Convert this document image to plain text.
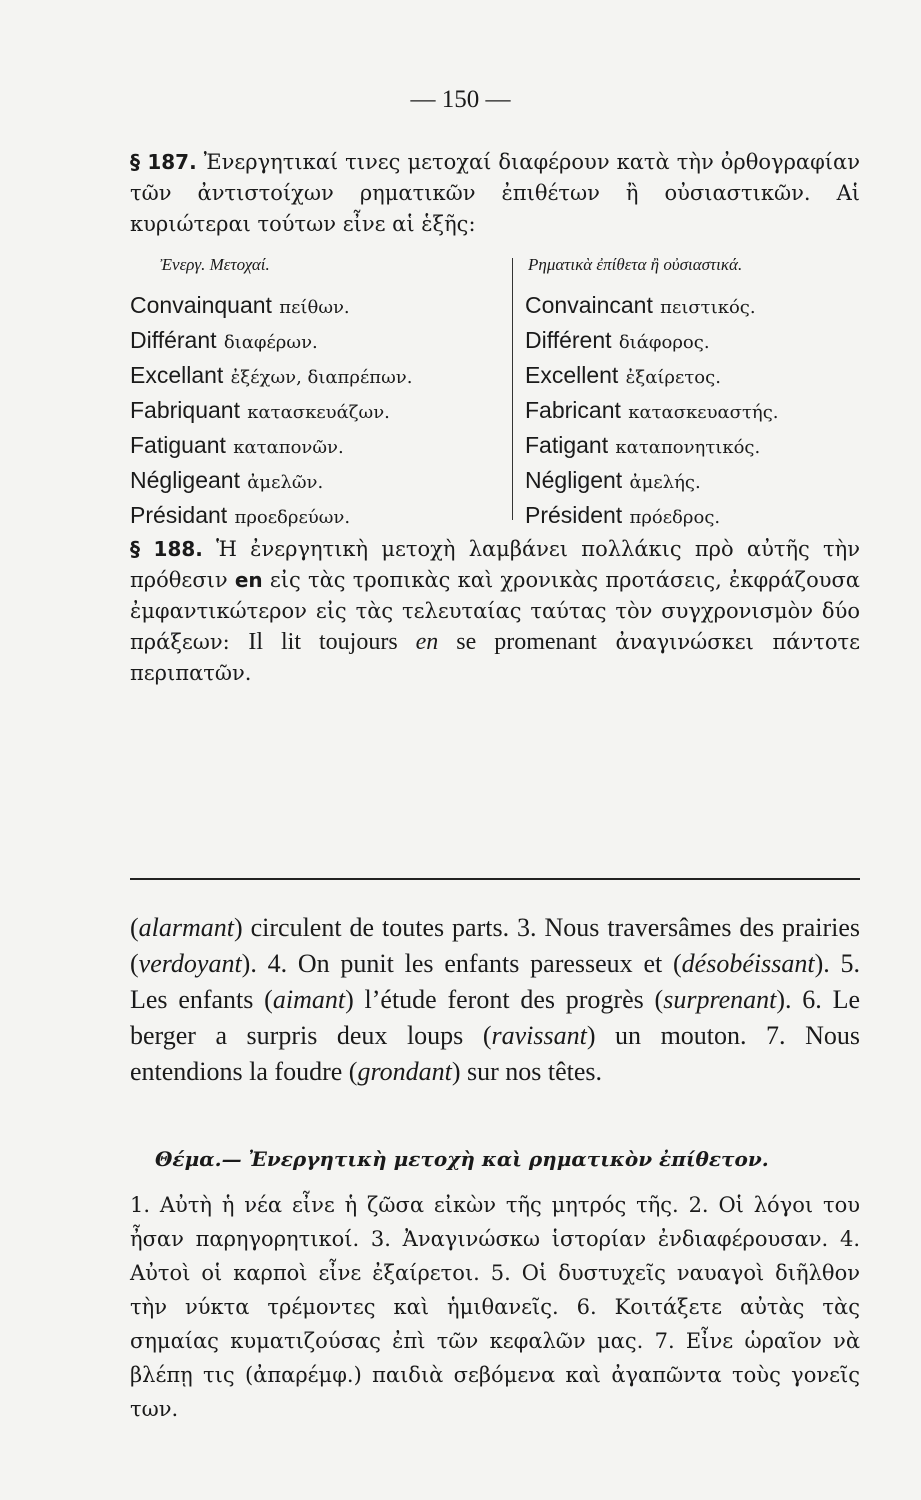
— 150 —
§ 187. Ἐνεργητικαί τινες μετοχαί διαφέρουν κατὰ τὴν ὀρθογραφίαν τῶν ἀντιστοίχων ρηματικῶν ἐπιθέτων ἢ οὐσιαστικῶν. Αἱ κυριώτεραι τούτων εἶνε αἱ ἑξῆς:
Ἐνεργ. Μετοχαί.	Ρηματικὰ ἐπίθετα ἢ οὐσιαστικά.
Convainquant πείθων.
Différant διαφέρων.
Excellant ἐξέχων, διαπρέπων.
Fabriquant κατασκευάζων.
Fatiguant καταπονῶν.
Négligeant ἀμελῶν.
Présidant προεδρεύων.
Convaincant πειστικός.
Différent διάφορος.
Excellent ἐξαίρετος.
Fabricant κατασκευαστής.
Fatigant καταπονητικός.
Négligent ἀμελής.
Président πρόεδρος.
§ 188. Ἡ ἐνεργητικὴ μετοχὴ λαμβάνει πολλάκις πρὸ αὐτῆς τὴν πρόθεσιν en εἰς τὰς τροπικὰς καὶ χρονικὰς προτάσεις, ἐκφράζουσα ἐμφαντικώτερον εἰς τὰς τελευταίας ταύτας τὸν συγχρονισμὸν δύο πράξεων: Il lit toujours en se promenant ἀναγινώσκει πάντοτε περιπατῶν.
(alarmant) circulent de toutes parts. 3. Nous traversâmes des prairies (verdoyant). 4. On punit les enfants paresseux et (désobéissant). 5. Les enfants (aimant) l’étude feront des progrès (surprenant). 6. Le berger a surpris deux loups (ravissant) un mouton. 7. Nous entendions la foudre (grondant) sur nos têtes.
Θέμα.— Ἐνεργητικὴ μετοχὴ καὶ ρηματικὸν ἐπίθετον.
1. Αὐτὴ ἡ νέα εἶνε ἡ ζῶσα εἰκὼν τῆς μητρός τῆς. 2. Οἱ λόγοι του ἦσαν παρηγορητικοί. 3. Ἀναγινώσκω ἱστορίαν ἐνδιαφέρουσαν. 4. Αὐτοὶ οἱ καρποὶ εἶνε ἐξαίρετοι. 5. Οἱ δυστυχεῖς ναυαγοὶ διῆλθον τὴν νύκτα τρέμοντες καὶ ἡμιθανεῖς. 6. Κοιτάξετε αὐτὰς τὰς σημαίας κυματιζούσας ἐπὶ τῶν κεφαλῶν μας. 7. Εἶνε ὡραῖον νὰ βλέπῃ τις (ἀπαρέμφ.) παιδιὰ σεβόμενα καὶ ἀγαπῶντα τοὺς γονεῖς των.
